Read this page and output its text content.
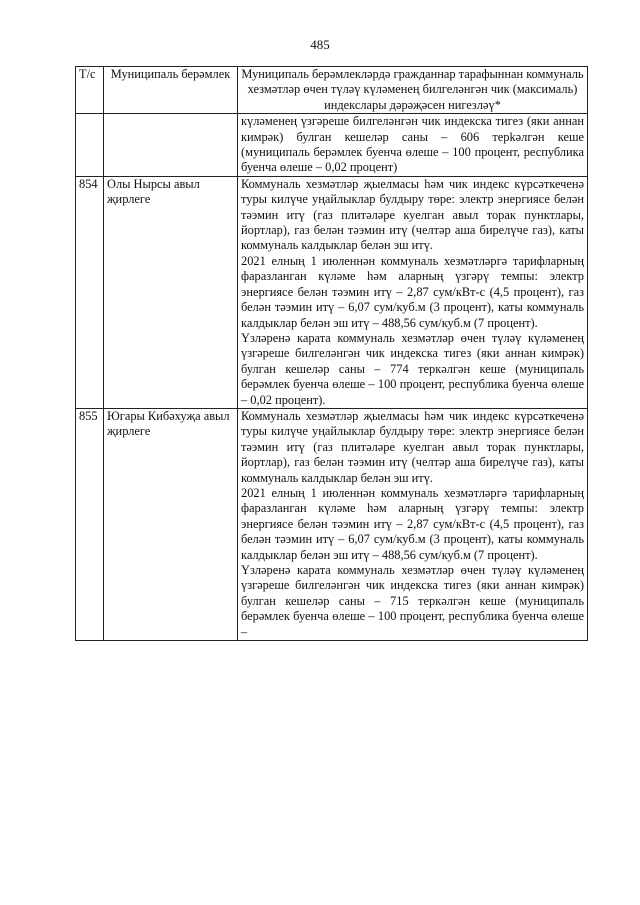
485
Т/с	Муниципаль берәмлек	Муниципаль берәмлекләрдә гражданнар тарафыннан коммуналь хезмәтләр өчен түләү күләменең билгеләнгән чик (максималь) индекслары дәрәҗәсен нигезләү*

		күләменең үзгәреше билгеләнгән чик индекска тигез (яки аннан кимрәк) булган кешеләр саны – 606 терkәлгән кеше (муниципаль берәмлек буенча өлеше – 100 процент, республика буенча өлеше – 0,02 процент)

854	Олы Нырсы авыл җирлеге	Коммуналь хезмәтләр җыелмасы һәм чик индекс күрсәткеченә туры килүче уңайлыклар булдыру төре: электр энергиясе белән тәэмин итү (газ плитәләре куелган авыл торак пунктлары, йортлар), газ белән тәэмин итү (челтәр аша бирелүче газ), каты коммуналь калдыклар белән эш итү.

2021 елның 1 июленнән коммуналь хезмәтләргә тарифларның фаразланган күләме һәм аларның үзгәрү темпы: электр энергиясе белән тәэмин итү – 2,87 сум/кВт-с (4,5 процент), газ белән тәэмин итү – 6,07 сум/куб.м (3 процент), каты коммуналь калдыклар белән эш итү – 488,56 сум/куб.м (7 процент).

Үзләренә карата коммуналь хезмәтләр өчен түләү күләменең үзгәреше билгеләнгән чик индекска тигез (яки аннан кимрәк) булган кешеләр саны – 774 теркәлгән кеше (муниципаль берәмлек буенча өлеше – 100 процент, республика буенча өлеше – 0,02 процент).

855	Югары Кибәхуҗа авыл җирлеге	Коммуналь хезмәтләр җыелмасы һәм чик индекс күрсәткеченә туры килүче уңайлыклар булдыру төре: электр энергиясе белән тәэмин итү (газ плитәләре куелган авыл торак пунктлары, йортлар), газ белән тәэмин итү (челтәр аша бирелүче газ), каты коммуналь калдыклар белән эш итү.

2021 елның 1 июленнән коммуналь хезмәтләргә тарифларның фаразланган күләме һәм аларның үзгәрү темпы: электр энергиясе белән тәэмин итү – 2,87 сум/кВт-с (4,5 процент), газ белән тәэмин итү – 6,07 сум/куб.м (3 процент), каты коммуналь калдыклар белән эш итү – 488,56 сум/куб.м (7 процент).

Үзләренә карата коммуналь хезмәтләр өчен түләү күләменең үзгәреше билгеләнгән чик индекска тигез (яки аннан кимрәк) булган кешеләр саны – 715 теркәлгән кеше (муниципаль берәмлек буенча өлеше – 100 процент, республика буенча өлеше –
